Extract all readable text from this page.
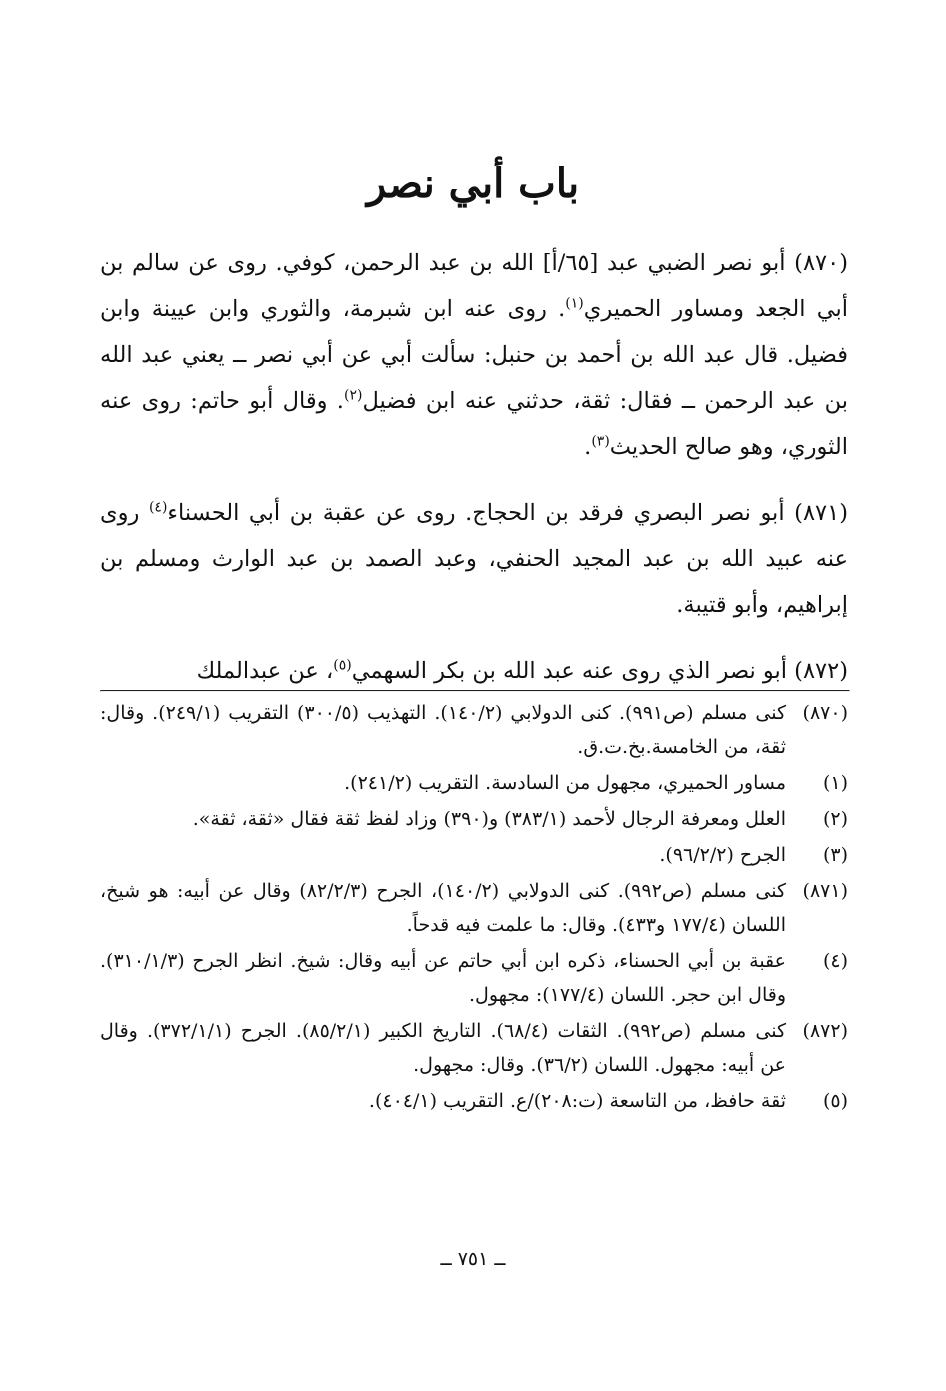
باب أبي نصر

(٨٧٠) أبو نصر الضبي عبد [٦٥/أ] الله بن عبد الرحمن، كوفي. روى عن سالم بن أبي الجعد ومساور الحميري$^{(١)}$. روى عنه ابن شبرمة، والثوري وابن عيينة وابن فضيل. قال عبد الله بن أحمد بن حنبل: سألت أبي عن أبي نصر ــ يعني عبد الله بن عبد الرحمن ــ فقال: ثقة، حدثني عنه ابن فضيل$^{(٢)}$. وقال أبو حاتم: روى عنه الثوري، وهو صالح الحديث$^{(٣)}$.

(٨٧١) أبو نصر البصري فرقد بن الحجاج. روى عن عقبة بن أبي الحسناء$^{(٤)}$ روى عنه عبيد الله بن عبد المجيد الحنفي، وعبد الصمد بن عبد الوارث ومسلم بن إبراهيم، وأبو قتيبة.

(٨٧٢) أبو نصر الذي روى عنه عبد الله بن بكر السهمي$^{(٥)}$، عن عبدالملك

(٨٧٠)
كنى مسلم (ص٩٩١). كنى الدولابي (١٤٠/٢). التهذيب (٣٠٠/٥) التقريب (٢٤٩/١). وقال: ثقة، من الخامسة.بخ.ت.ق.
(١)
مساور الحميري، مجهول من السادسة. التقريب (٢٤١/٢).
(٢)
العلل ومعرفة الرجال لأحمد (٣٨٣/١) و(٣٩٠) وزاد لفظ ثقة فقال «ثقة، ثقة».
(٣)
الجرح (٩٦/٢/٢).
(٨٧١)
كنى مسلم (ص٩٩٢). كنى الدولابي (١٤٠/٢)، الجرح (٨٢/٢/٣) وقال عن أبيه: هو شيخ، اللسان (١٧٧/٤ و٤٣٣). وقال: ما علمت فيه قدحاً.
(٤)
عقبة بن أبي الحسناء، ذكره ابن أبي حاتم عن أبيه وقال: شيخ. انظر الجرح (٣١٠/١/٣). وقال ابن حجر. اللسان (١٧٧/٤): مجهول.
(٨٧٢)
كنى مسلم (ص٩٩٢). الثقات (٦٨/٤). التاريخ الكبير (٨٥/٢/١). الجرح (٣٧٢/١/١). وقال عن أبيه: مجهول. اللسان (٣٦/٢). وقال: مجهول.
(٥)
ثقة حافظ، من التاسعة (ت:٢٠٨)/ع. التقريب (٤٠٤/١).
ــ ٧٥١ ــ
